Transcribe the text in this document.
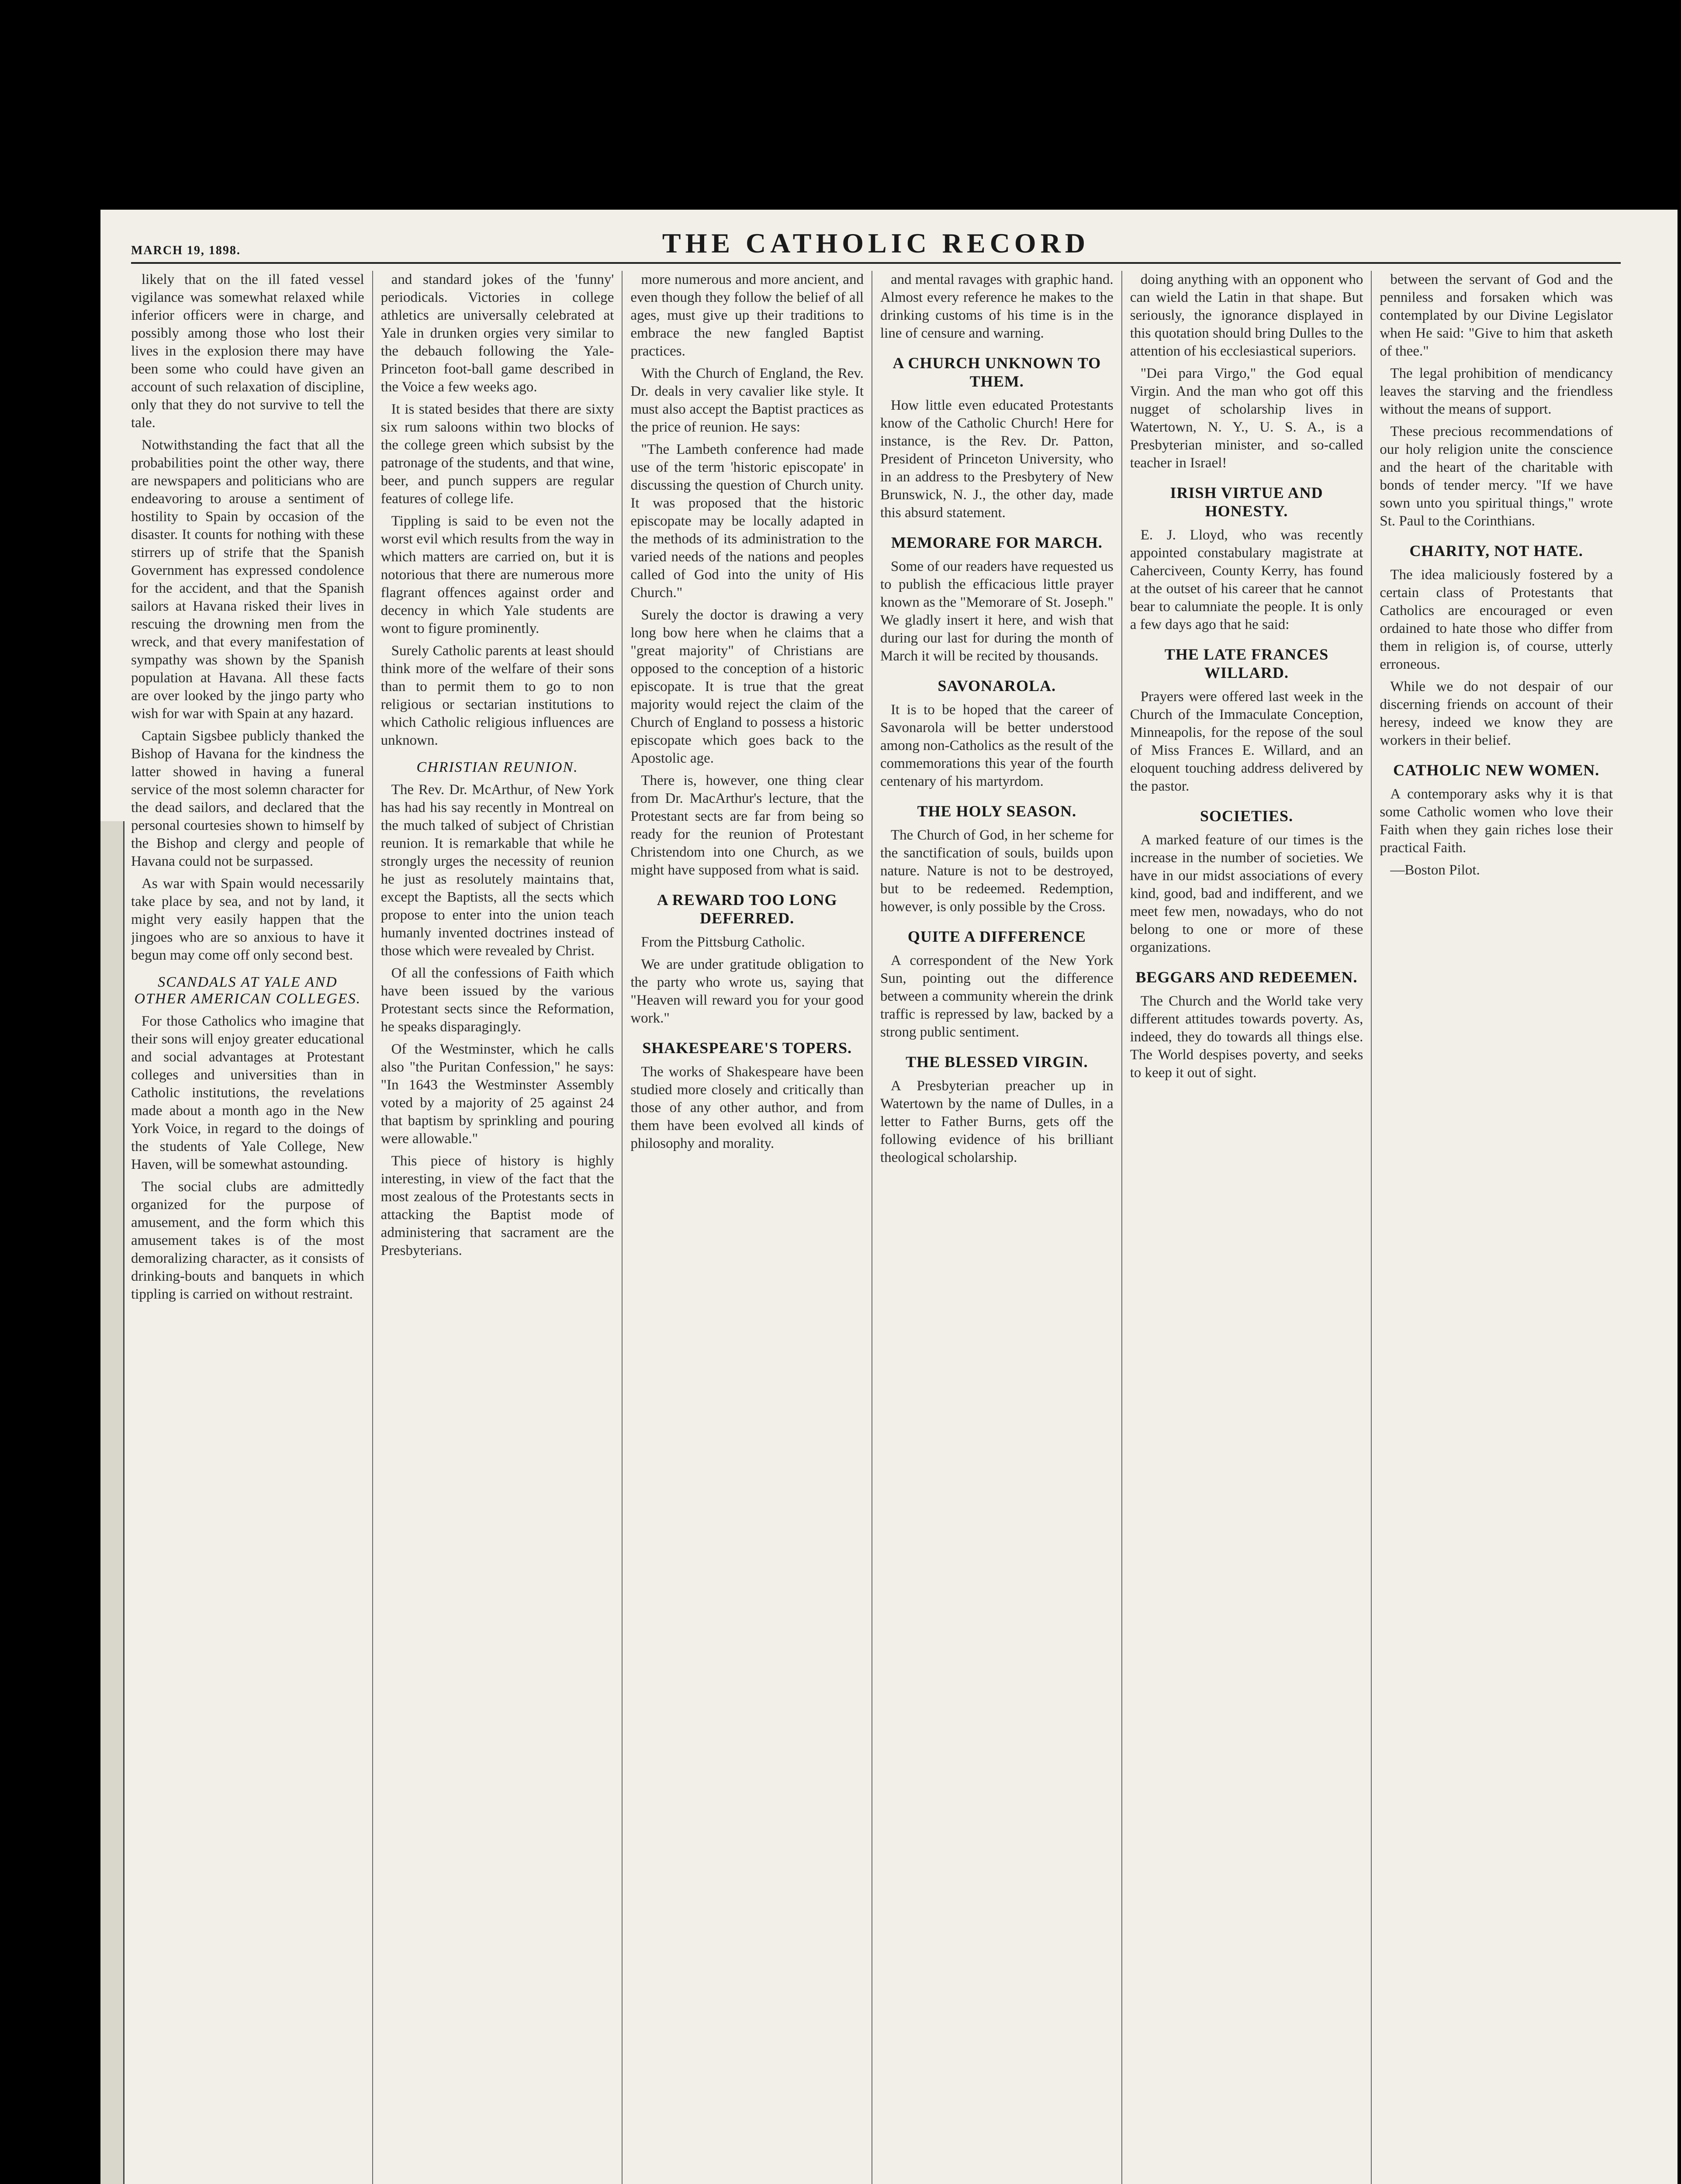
MARCH 19, 1898.	THE CATHOLIC RECORD

likely that on the ill fated vessel vigilance was somewhat relaxed while inferior officers were in charge, and possibly among those who lost their lives in the explosion there may have been some who could have given an account of such relaxation of discipline, only that they do not survive to tell the tale.

Notwithstanding the fact that all the probabilities point the other way, there are newspapers and politicians who are endeavoring to arouse a sentiment of hostility to Spain by occasion of the disaster. It counts for nothing with these stirrers up of strife that the Spanish Government has expressed condolence for the accident, and that the Spanish sailors at Havana risked their lives in rescuing the drowning men from the wreck, and that every manifestation of sympathy was shown by the Spanish population at Havana. All these facts are over looked by the jingo party who wish for war with Spain at any hazard.

Captain Sigsbee publicly thanked the Bishop of Havana for the kindness the latter showed in having a funeral service of the most solemn character for the dead sailors, and declared that the personal courtesies shown to himself by the Bishop and clergy and people of Havana could not be surpassed.

As war with Spain would necessarily take place by sea, and not by land, it might very easily happen that the jingoes who are so anxious to have it begun may come off only second best.

SCANDALS AT YALE AND OTHER AMERICAN COLLEGES.

For those Catholics who imagine that their sons will enjoy greater educational and social advantages at Protestant colleges and universities than in Catholic institutions, the revelations made about a month ago in the New York Voice, in regard to the doings of the students of Yale College, New Haven, will be somewhat astounding.

The social clubs are admittedly organized for the purpose of amusement, and the form which this amusement takes is of the most demoralizing character, as it consists of drinking-bouts and banquets in which tippling is carried on without restraint.

and standard jokes of the 'funny' periodicals. Victories in college athletics are universally celebrated at Yale in drunken orgies very similar to the debauch following the Yale-Princeton foot-ball game described in the Voice a few weeks ago.

It is stated besides that there are sixty six rum saloons within two blocks of the college green which subsist by the patronage of the students, and that wine, beer, and punch suppers are regular features of college life.

Tippling is said to be even not the worst evil which results from the way in which matters are carried on, but it is notorious that there are numerous more flagrant offences against order and decency in which Yale students are wont to figure prominently.

Surely Catholic parents at least should think more of the welfare of their sons than to permit them to go to non religious or sectarian institutions to which Catholic religious influences are unknown.

CHRISTIAN REUNION.

The Rev. Dr. McArthur, of New York has had his say recently in Montreal on the much talked of subject of Christian reunion. It is remarkable that while he strongly urges the necessity of reunion he just as resolutely maintains that, except the Baptists, all the sects which propose to enter into the union teach humanly invented doctrines instead of those which were revealed by Christ.

Of all the confessions of Faith which have been issued by the various Protestant sects since the Reformation, he speaks disparagingly.

Of the Westminster, which he calls also "the Puritan Confession," he says: "In 1643 the Westminster Assembly voted by a majority of 25 against 24 that baptism by sprinkling and pouring were allowable."

This piece of history is highly interesting, in view of the fact that the most zealous of the Protestants sects in attacking the Baptist mode of administering that sacrament are the Presbyterians.

more numerous and more ancient, and even though they follow the belief of all ages, must give up their traditions to embrace the new fangled Baptist practices.

With the Church of England, the Rev. Dr. deals in very cavalier like style. It must also accept the Baptist practices as the price of reunion. He says:

"The Lambeth conference had made use of the term 'historic episcopate' in discussing the question of Church unity. It was proposed that the historic episcopate may be locally adapted in the methods of its administration to the varied needs of the nations and peoples called of God into the unity of His Church."

Surely the doctor is drawing a very long bow here when he claims that a "great majority" of Christians are opposed to the conception of a historic episcopate. It is true that the great majority would reject the claim of the Church of England to possess a historic episcopate which goes back to the Apostolic age.

There is, however, one thing clear from Dr. MacArthur's lecture, that the Protestant sects are far from being so ready for the reunion of Protestant Christendom into one Church, as we might have supposed from what is said.

A REWARD TOO LONG DEFERRED.

From the Pittsburg Catholic.

We are under gratitude obligation to the party who wrote us, saying that "Heaven will reward you for your good work."

SHAKESPEARE'S TOPERS.

The works of Shakespeare have been studied more closely and critically than those of any other author, and from them have been evolved all kinds of philosophy and morality.

and mental ravages with graphic hand. Almost every reference he makes to the drinking customs of his time is in the line of censure and warning.

A CHURCH UNKNOWN TO THEM.

How little even educated Protestants know of the Catholic Church! Here for instance, is the Rev. Dr. Patton, President of Princeton University, who in an address to the Presbytery of New Brunswick, N. J., the other day, made this absurd statement.

MEMORARE FOR MARCH.

Some of our readers have requested us to publish the efficacious little prayer known as the "Memorare of St. Joseph." We gladly insert it here, and wish that during our last for during the month of March it will be recited by thousands.

SAVONAROLA.

It is to be hoped that the career of Savonarola will be better understood among non-Catholics as the result of the commemorations this year of the fourth centenary of his martyrdom.

THE HOLY SEASON.

The Church of God, in her scheme for the sanctification of souls, builds upon nature. Nature is not to be destroyed, but to be redeemed. Redemption, however, is only possible by the Cross.

QUITE A DIFFERENCE

A correspondent of the New York Sun, pointing out the difference between a community wherein the drink traffic is repressed by law, backed by a strong public sentiment.

THE BLESSED VIRGIN.

A Presbyterian preacher up in Watertown by the name of Dulles, in a letter to Father Burns, gets off the following evidence of his brilliant theological scholarship.

doing anything with an opponent who can wield the Latin in that shape. But seriously, the ignorance displayed in this quotation should bring Dulles to the attention of his ecclesiastical superiors.

"Dei para Virgo," the God equal Virgin. And the man who got off this nugget of scholarship lives in Watertown, N. Y., U. S. A., is a Presbyterian minister, and so-called teacher in Israel!

IRISH VIRTUE AND HONESTY.

E. J. Lloyd, who was recently appointed constabulary magistrate at Caherciveen, County Kerry, has found at the outset of his career that he cannot bear to calumniate the people. It is only a few days ago that he said:

THE LATE FRANCES WILLARD.

Prayers were offered last week in the Church of the Immaculate Conception, Minneapolis, for the repose of the soul of Miss Frances E. Willard, and an eloquent touching address delivered by the pastor.

SOCIETIES.

A marked feature of our times is the increase in the number of societies. We have in our midst associations of every kind, good, bad and indifferent, and we meet few men, nowadays, who do not belong to one or more of these organizations.

BEGGARS AND REDEEMEN.

The Church and the World take very different attitudes towards poverty. As, indeed, they do towards all things else. The World despises poverty, and seeks to keep it out of sight.

between the servant of God and the penniless and forsaken which was contemplated by our Divine Legislator when He said: "Give to him that asketh of thee."

The legal prohibition of mendicancy leaves the starving and the friendless without the means of support.

These precious recommendations of our holy religion unite the conscience and the heart of the charitable with bonds of tender mercy. "If we have sown unto you spiritual things," wrote St. Paul to the Corinthians.

CHARITY, NOT HATE.

The idea maliciously fostered by a certain class of Protestants that Catholics are encouraged or even ordained to hate those who differ from them in religion is, of course, utterly erroneous.

While we do not despair of our discerning friends on account of their heresy, indeed we know they are workers in their belief.

CATHOLIC NEW WOMEN.

A contemporary asks why it is that some Catholic women who love their Faith when they gain riches lose their practical Faith.

—Boston Pilot.
